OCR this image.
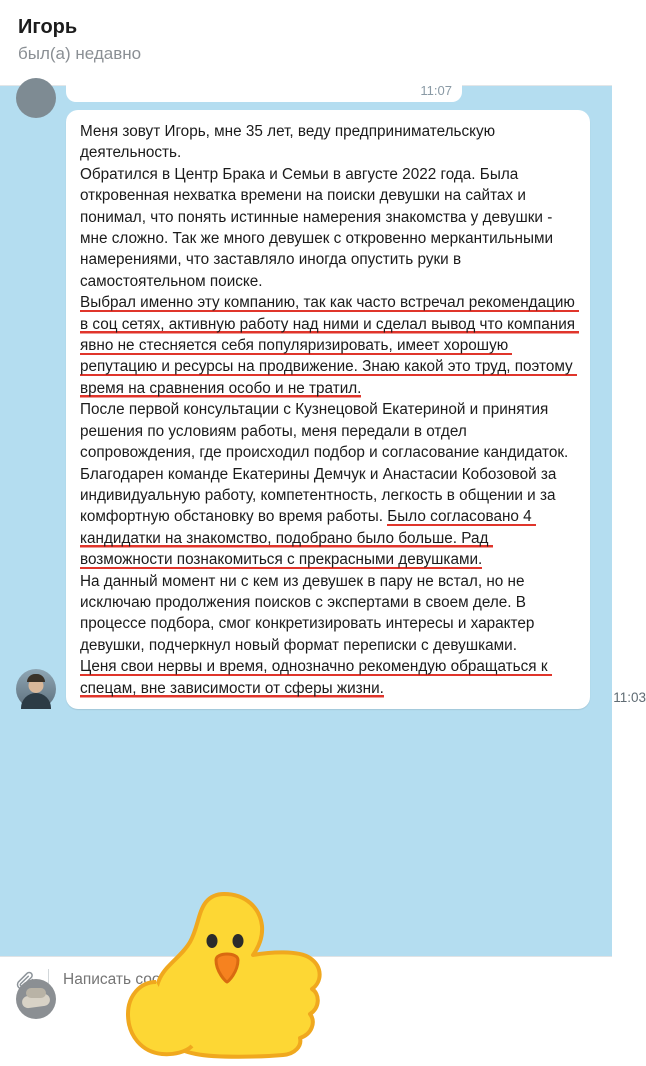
Игорь
был(а) недавно
11:07

Меня зовут Игорь, мне 35 лет, веду предпринимательскую деятельность.

Обратился в Центр Брака и Семьи в августе 2022 года. Была откровенная нехватка времени на поиски девушки на сайтах и понимал, что понять истинные намерения знакомства у девушки - мне сложно. Так же много девушек с откровенно меркантильными намерениями, что заставляло иногда опустить руки в самостоятельном поиске.

Выбрал именно эту компанию, так как часто встречал рекомендацию в соц сетях, активную работу над ними и сделал вывод что компания явно не стесняется себя популяризировать, имеет хорошую репутацию и ресурсы на продвижение. Знаю какой это труд, поэтому время на сравнения особо и не тратил.

После первой консультации с Кузнецовой Екатериной и принятия решения по условиям работы, меня передали в отдел сопровождения, где происходил подбор и согласование кандидаток. Благодарен команде Екатерины Демчук и Анастасии Кобозовой за индивидуальную работу, компетентность, легкость в общении и за комфортную обстановку во время работы. Было согласовано 4 кандидатки на знакомство, подобрано было больше. Рад возможности познакомиться с прекрасными девушками.

На данный момент ни с кем из девушек в пару не встал, но не исключаю продолжения поисков с экспертами в своем деле. В процессе подбора, смог конкретизировать интересы и характер девушки, подчеркнул новый формат переписки с девушками.

Ценя свои нервы и время, однозначно рекомендую обращаться к спецам, вне зависимости от сферы жизни.

11:03
Написать сообщение...
